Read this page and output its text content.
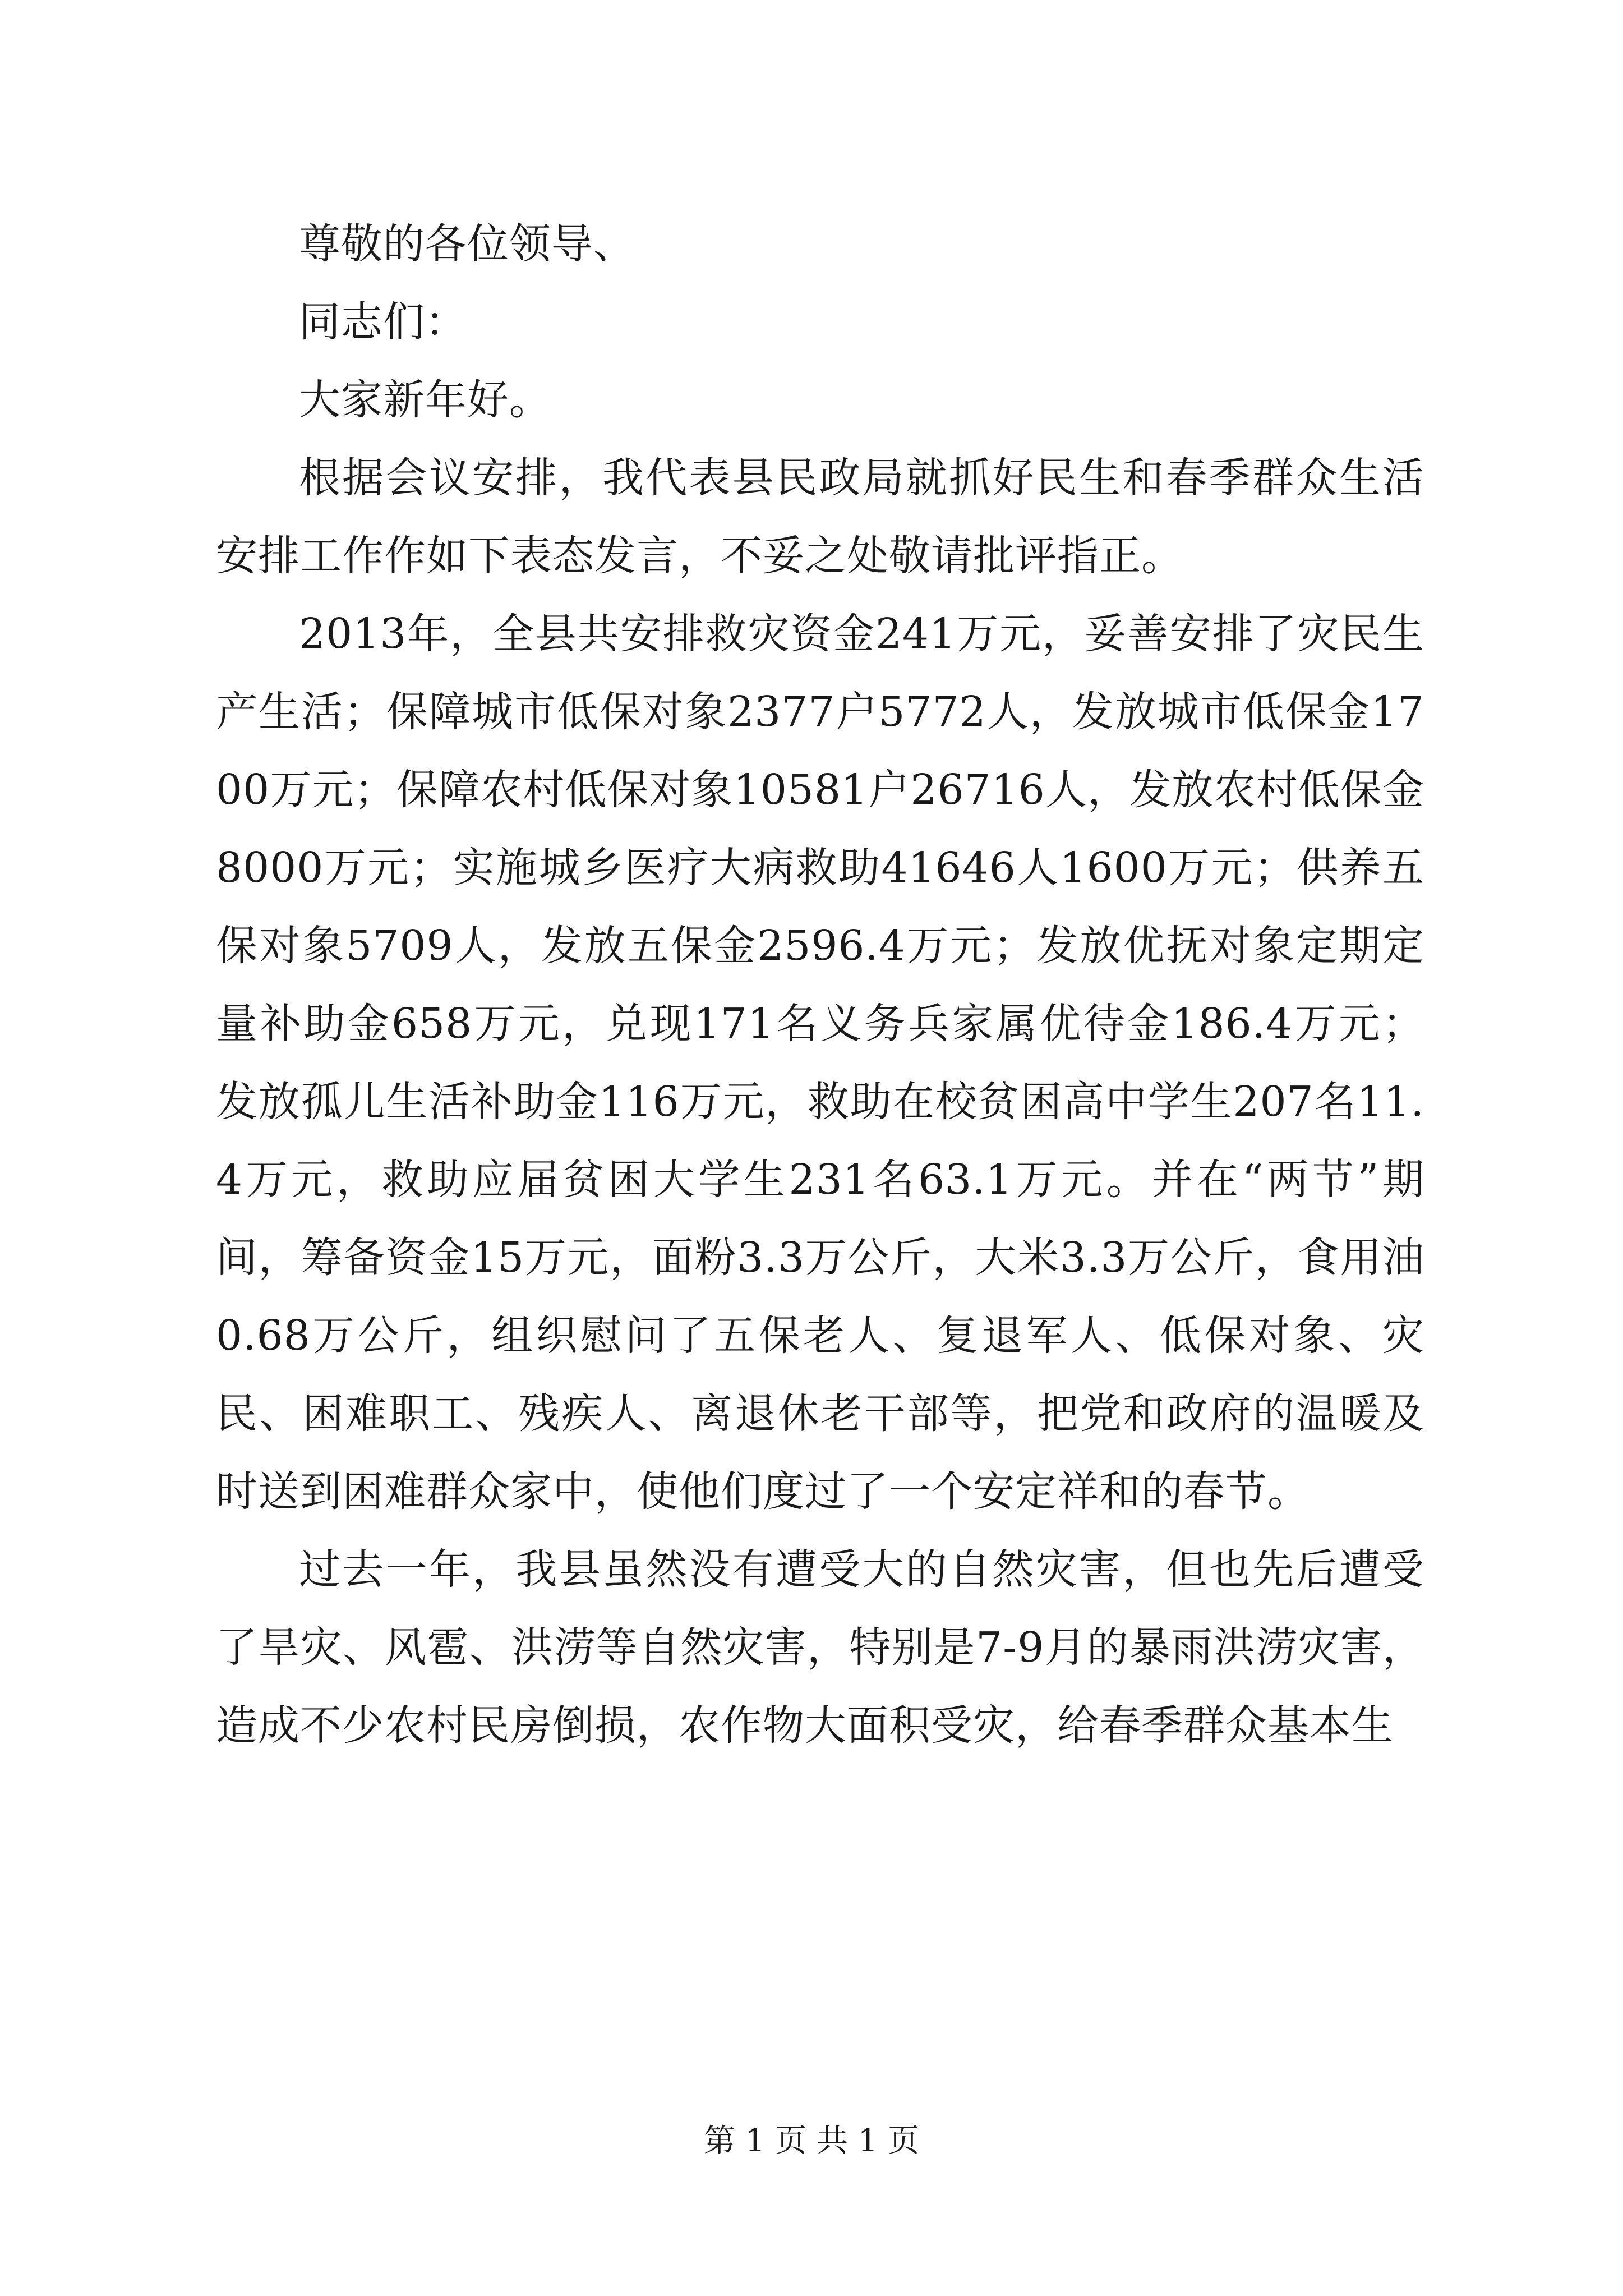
尊敬的各位领导、

同志们：

大家新年好。

根据会议安排，我代表县民政局就抓好民生和春季群众生活安排工作作如下表态发言，不妥之处敬请批评指正。

2013年，全县共安排救灾资金241万元，妥善安排了灾民生产生活；保障城市低保对象2377户5772人，发放城市低保金1700万元；保障农村低保对象10581户26716人，发放农村低保金8000万元；实施城乡医疗大病救助41646人1600万元；供养五保对象5709人，发放五保金2596.4万元；发放优抚对象定期定量补助金658万元，兑现171名义务兵家属优待金186.4万元；发放孤儿生活补助金116万元，救助在校贫困高中学生207名11.4万元，救助应届贫困大学生231名63.1万元。并在“两节”期间，筹备资金15万元，面粉3.3万公斤，大米3.3万公斤，食用油0.68万公斤，组织慰问了五保老人、复退军人、低保对象、灾民、困难职工、残疾人、离退休老干部等，把党和政府的温暖及时送到困难群众家中，使他们度过了一个安定祥和的春节。

过去一年，我县虽然没有遭受大的自然灾害，但也先后遭受了旱灾、风雹、洪涝等自然灾害，特别是7-9月的暴雨洪涝灾害，造成不少农村民房倒损，农作物大面积受灾，给春季群众基本生

第 1 页 共 1 页
